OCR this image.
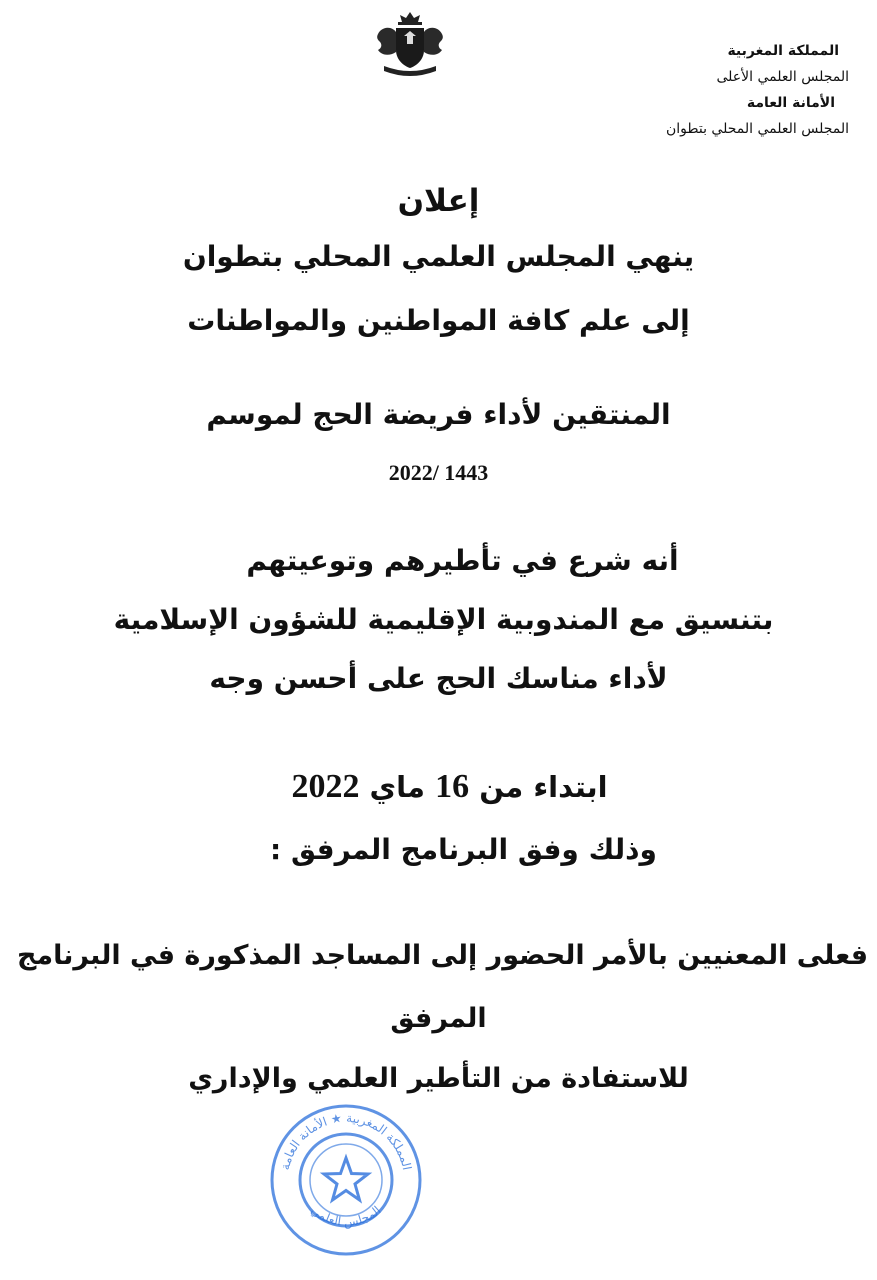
المملكة المغربية
المجلس العلمي الأعلى
الأمانة العامة
المجلس العلمي المحلي بتطوان
إعلان
ينهي المجلس العلمي المحلي بتطوان
إلى علم كافة المواطنين والمواطنات
المنتقين لأداء فريضة الحج لموسم
2022/ 1443
أنه شرع في تأطيرهم وتوعيتهم
بتنسيق مع المندوبية الإقليمية للشؤون الإسلامية
لأداء مناسك الحج على أحسن وجه
ابتداء من 16 ماي 2022
وذلك وفق البرنامج المرفق :
فعلى المعنيين بالأمر الحضور إلى المساجد المذكورة في البرنامج
المرفق
للاستفادة من التأطير العلمي والإداري
المملكة المغربية ★ الأمانة العامة
المجلس العلمي
